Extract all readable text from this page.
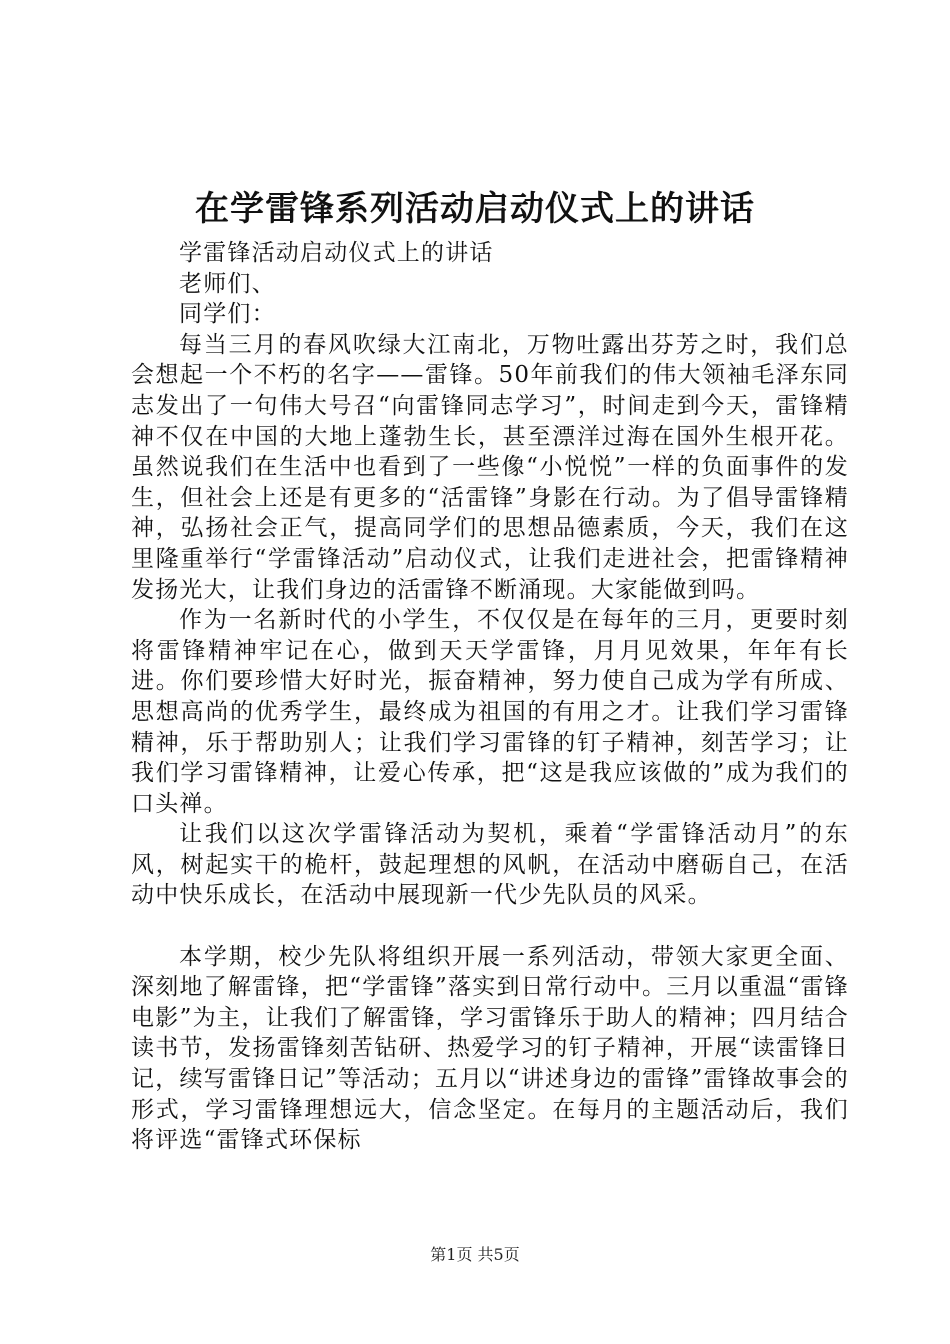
在学雷锋系列活动启动仪式上的讲话

学雷锋活动启动仪式上的讲话

老师们、

同学们：

每当三月的春风吹绿大江南北，万物吐露出芬芳之时，我们总会想起一个不朽的名字——雷锋。50年前我们的伟大领袖毛泽东同志发出了一句伟大号召“向雷锋同志学习”，时间走到今天，雷锋精神不仅在中国的大地上蓬勃生长，甚至漂洋过海在国外生根开花。虽然说我们在生活中也看到了一些像“小悦悦”一样的负面事件的发生，但社会上还是有更多的“活雷锋”身影在行动。为了倡导雷锋精神，弘扬社会正气，提高同学们的思想品德素质，今天，我们在这里隆重举行“学雷锋活动”启动仪式，让我们走进社会，把雷锋精神发扬光大，让我们身边的活雷锋不断涌现。大家能做到吗。

作为一名新时代的小学生，不仅仅是在每年的三月，更要时刻将雷锋精神牢记在心，做到天天学雷锋，月月见效果，年年有长进。你们要珍惜大好时光，振奋精神，努力使自己成为学有所成、思想高尚的优秀学生，最终成为祖国的有用之才。让我们学习雷锋精神，乐于帮助别人；让我们学习雷锋的钉子精神，刻苦学习；让我们学习雷锋精神，让爱心传承，把“这是我应该做的”成为我们的口头禅。

让我们以这次学雷锋活动为契机，乘着“学雷锋活动月”的东风，树起实干的桅杆，鼓起理想的风帆，在活动中磨砺自己，在活动中快乐成长，在活动中展现新一代少先队员的风采。

本学期，校少先队将组织开展一系列活动，带领大家更全面、深刻地了解雷锋，把“学雷锋”落实到日常行动中。三月以重温“雷锋电影”为主，让我们了解雷锋，学习雷锋乐于助人的精神；四月结合读书节，发扬雷锋刻苦钻研、热爱学习的钉子精神，开展“读雷锋日记，续写雷锋日记”等活动；五月以“讲述身边的雷锋”雷锋故事会的形式，学习雷锋理想远大，信念坚定。在每月的主题活动后，我们将评选“雷锋式环保标

第1页 共5页
